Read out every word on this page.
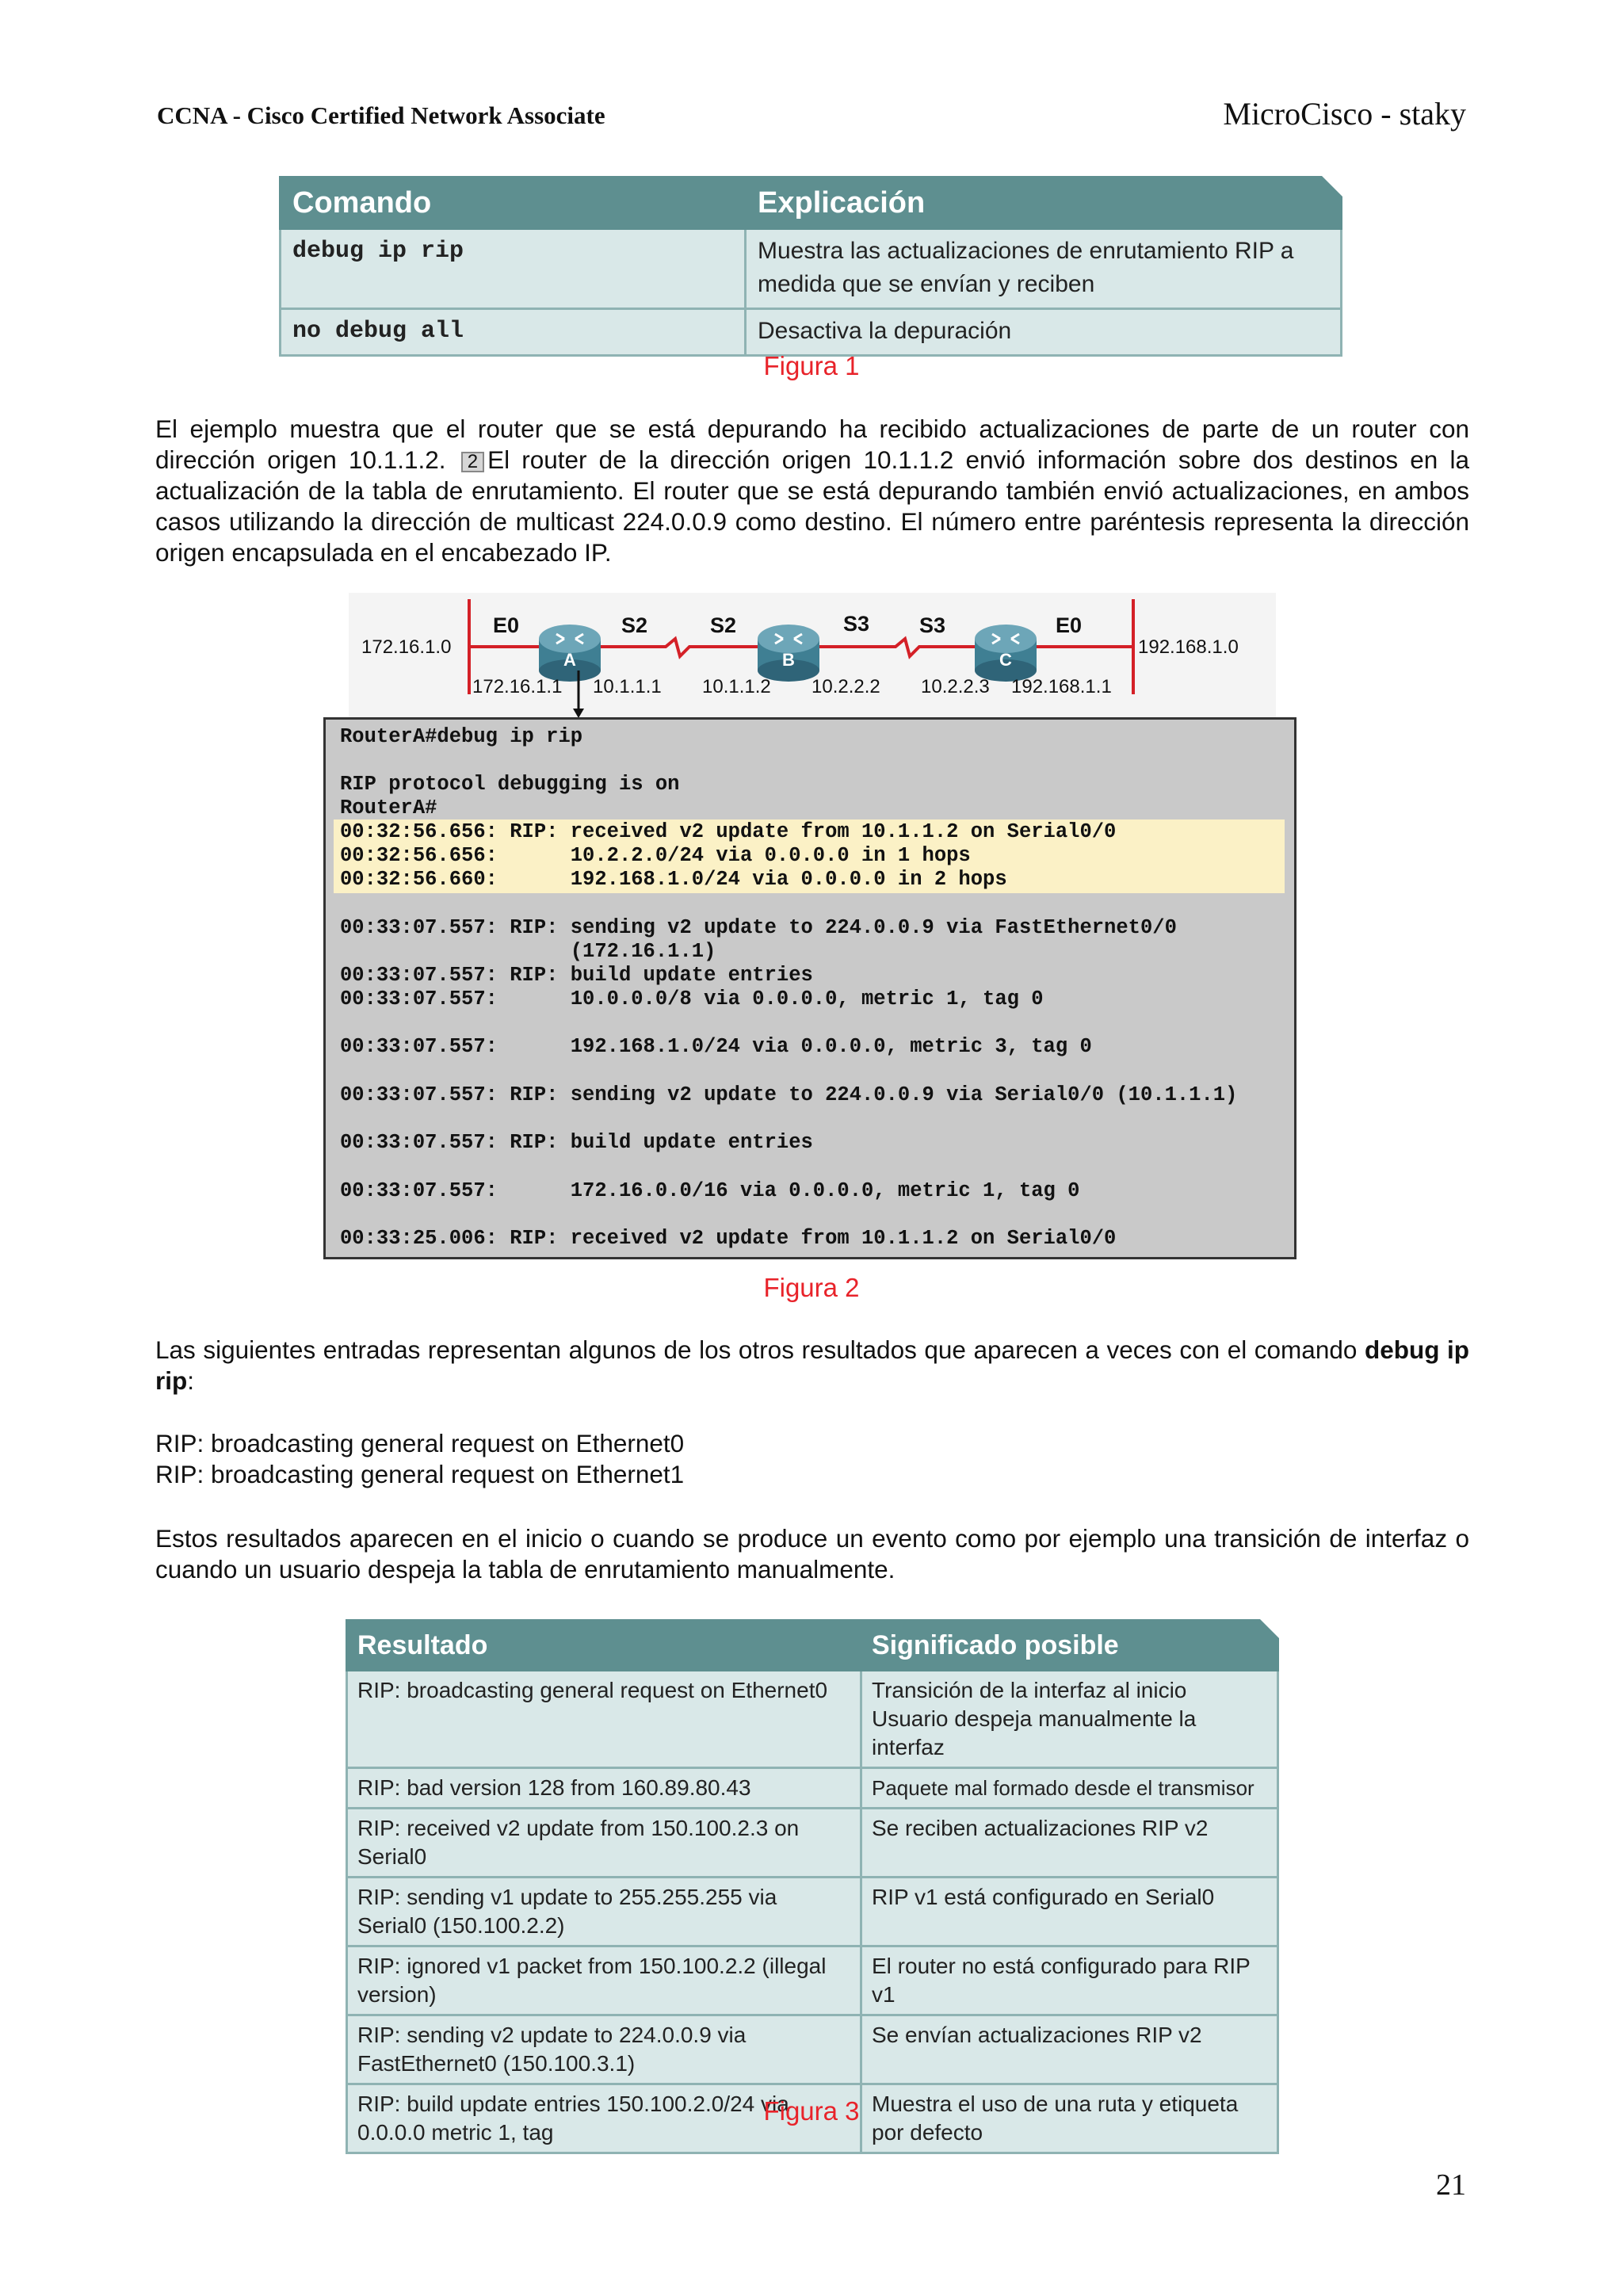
CCNA - Cisco Certified Network Associate	MicroCisco - staky
Comando	Explicación
debug ip rip	Muestra las actualizaciones de enrutamiento RIP a medida que se envían y reciben
no debug all	Desactiva la depuración
Figura 1
El ejemplo muestra que el router que se está depurando ha recibido actualizaciones de parte de un router con dirección origen 10.1.1.2. 2 El router de la dirección origen 10.1.1.2 envió información sobre dos destinos en la actualización de la tabla de enrutamiento. El router que se está depurando también envió actualizaciones, en ambos casos utilizando la dirección de multicast 224.0.0.9 como destino. El número entre paréntesis representa la dirección origen encapsulada en el encabezado IP.
A	B	C
E0	S2	S2	S3 S3	E0
172.16.1.0	192.168.1.0
172.16.1.1 10.1.1.1 10.1.1.2 10.2.2.2 10.2.2.3 192.168.1.1
RouterA#debug ip rip
RIP protocol debugging is on
RouterA#
00:32:56.656: RIP: received v2 update from 10.1.1.2 on Serial0/0
00:32:56.656:      10.2.2.0/24 via 0.0.0.0 in 1 hops
00:32:56.660:      192.168.1.0/24 via 0.0.0.0 in 2 hops
00:33:07.557: RIP: sending v2 update to 224.0.0.9 via FastEthernet0/0
(172.16.1.1)
00:33:07.557: RIP: build update entries
00:33:07.557:      10.0.0.0/8 via 0.0.0.0, metric 1, tag 0
00:33:07.557:      192.168.1.0/24 via 0.0.0.0, metric 3, tag 0
00:33:07.557: RIP: sending v2 update to 224.0.0.9 via Serial0/0 (10.1.1.1)
00:33:07.557: RIP: build update entries
00:33:07.557:      172.16.0.0/16 via 0.0.0.0, metric 1, tag 0
00:33:25.006: RIP: received v2 update from 10.1.1.2 on Serial0/0
Figura 2
Las siguientes entradas representan algunos de los otros resultados que aparecen a veces con el comando debug ip rip:
RIP: broadcasting general request on Ethernet0
RIP: broadcasting general request on Ethernet1
Estos resultados aparecen en el inicio o cuando se produce un evento como por ejemplo una transición de interfaz o cuando un usuario despeja la tabla de enrutamiento manualmente.
Resultado	Significado posible
RIP: broadcasting general request on Ethernet0	Transición de la interfaz al inicio
Usuario despeja manualmente la interfaz

RIP: bad version 128 from 160.89.80.43	Paquete mal formado desde el transmisor
RIP: received v2 update from 150.100.2.3 on Serial0	Se reciben actualizaciones RIP v2
RIP: sending v1 update to 255.255.255 via Serial0 (150.100.2.2)	RIP v1 está configurado en Serial0
RIP: ignored v1 packet from 150.100.2.2 (illegal version)	El router no está configurado para RIP v1
RIP: sending v2 update to 224.0.0.9 via FastEthernet0 (150.100.3.1)	Se envían actualizaciones RIP v2
RIP: build update entries 150.100.2.0/24 via 0.0.0.0 metric 1, tag	Muestra el uso de una ruta y etiqueta por defecto
Figura 3
21
